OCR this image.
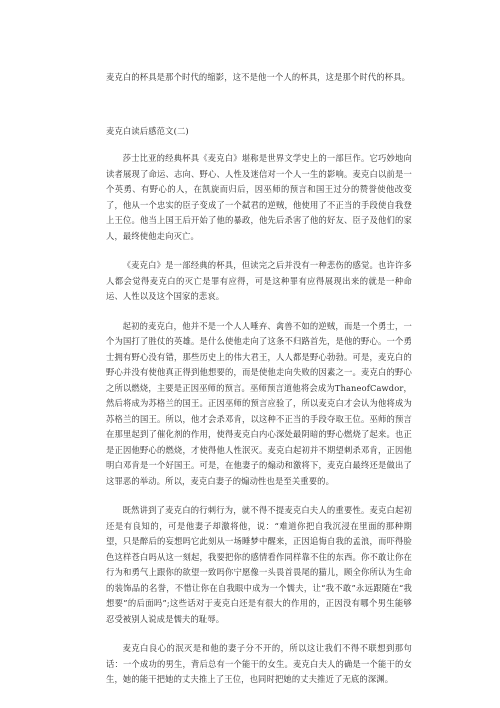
麦克白的杯具是那个时代的缩影，这不是他一个人的杯具，这是那个时代的杯具。

麦克白读后感范文(二)

莎士比亚的经典杯具《麦克白》堪称是世界文学史上的一部巨作。它巧妙地向读者展现了命运、志向、野心、人性及迷信对一个人一生的影响。麦克白以前是一个英勇、有野心的人，在凯旋而归后，因巫师的预言和国王过分的赞誉使他改变了，他从一个忠实的臣子变成了一个弑君的逆贼，他使用了不正当的手段使自我登上王位。他当上国王后开始了他的暴政，他先后杀害了他的好友、臣子及他们的家人，最终使他走向灭亡。

《麦克白》是一部经典的杯具，但读完之后并没有一种悲伤的感觉。也许许多人都会觉得麦克白的灭亡是罪有应得，可是这种罪有应得展现出来的就是一种命运、人性以及这个国家的悲哀。

起初的麦克白，他并不是一个人人唾弃、禽兽不如的逆贼，而是一个勇士，一个为国打了胜仗的英雄。是什么使他走向了这条不归路首先，是他的野心。一个勇士拥有野心没有错，那些历史上的伟大君王，人人都是野心勃勃。可是，麦克白的野心并没有使他真正得到他想要的，而是使他走向失败的因素之一。麦克白的野心之所以燃烧，主要是正因巫师的预言。巫师预言道他将会成为ThaneofCawdor，然后将成为苏格兰的国王。正因巫师的预言应验了，所以麦克白才会认为他将成为苏格兰的国王。所以，他才会杀邓肯，以这种不正当的手段夺取王位。巫师的预言在那里起到了催化剂的作用，使得麦克白内心深处最阴暗的野心燃烧了起来。也正是正因他野心的燃烧，才使得他人性泯灭。麦克白起初并不期望刺杀邓肯，正因他明白邓肯是一个好国王。可是，在他妻子的煽动和激将下，麦克白最终还是做出了这罪恶的举动。所以，麦克白妻子的煽动性也是至关重要的。

既然讲到了麦克白的行刺行为，就不得不提麦克白夫人的重要性。麦克白起初还是有良知的，可是他妻子却激将他，说：“难道你把自我沉浸在里面的那种期望，只是醉后的妄想吗它此刻从一场睡梦中醒来，正因追悔自我的孟浪，而吓得脸色这样苍白吗从这一刻起，我要把你的感情看作同样靠不住的东西。你不敢让你在行为和勇气上跟你的欲望一致吗你宁愿像一头畏首畏尾的猫儿，顾全你所认为生命的装饰品的名誉，不惜让你在自我眼中成为一个懦夫，让“我不敢”永远跟随在“我想要”的后面吗”;这些话对于麦克白还是有很大的作用的，正因没有哪个男生能够忍受被别人说成是懦夫的耻辱。

麦克白良心的泯灭是和他的妻子分不开的，所以这让我们不得不联想到那句话：一个成功的男生，背后总有一个能干的女生。麦克白夫人的确是一个能干的女生，她的能干把她的丈夫推上了王位，也同时把她的丈夫推近了无底的深渊。
